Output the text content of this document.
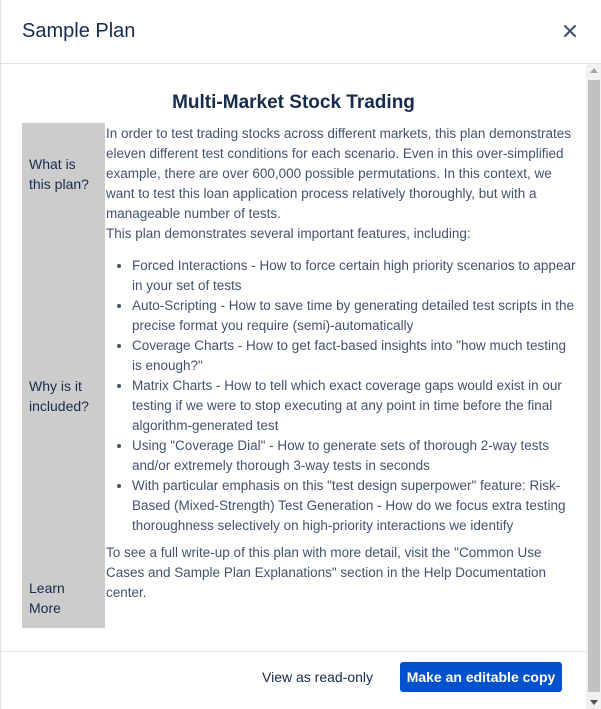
Sample Plan
Multi-Market Stock Trading
What is this plan?
Why is it included?
Learn More

In order to test trading stocks across different markets, this plan demonstrates eleven different test conditions for each scenario. Even in this over-simplified example, there are over 600,000 possible permutations. In this context, we want to test this loan application process relatively thoroughly, but with a manageable number of tests.

This plan demonstrates several important features, including:

• Forced Interactions - How to force certain high priority scenarios to appear in your set of tests
• Auto-Scripting - How to save time by generating detailed test scripts in the precise format you require (semi)-automatically
• Coverage Charts - How to get fact-based insights into "how much testing is enough?"
• Matrix Charts - How to tell which exact coverage gaps would exist in our testing if we were to stop executing at any point in time before the final algorithm-generated test
• Using "Coverage Dial" - How to generate sets of thorough 2-way tests and/or extremely thorough 3-way tests in seconds
• With particular emphasis on this "test design superpower" feature: Risk-Based (Mixed-Strength) Test Generation - How do we focus extra testing thoroughness selectively on high-priority interactions we identify

To see a full write-up of this plan with more detail, visit the "Common Use Cases and Sample Plan Explanations" section in the Help Documentation center.

View as read-only	Make an editable copy
